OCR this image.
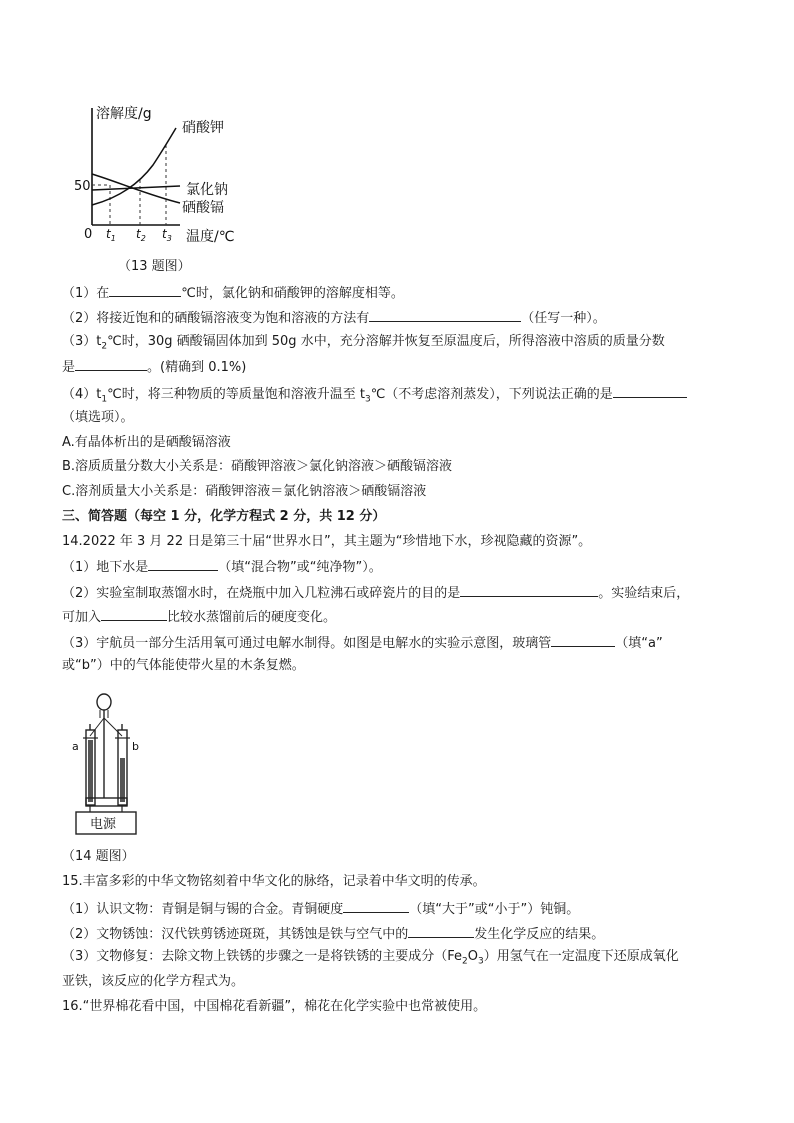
溶解度/g
硝酸钾
氯化钠
硒酸镉
50
0 $t_1$ $t_2$ $t_3$ 温度/℃
（13 题图）
（1）在	℃时，氯化钠和硝酸钾的溶解度相等。
（2）将接近饱和的硒酸镉溶液变为饱和溶液的方法有	（任写一种）。
$(3)t_2℃$时，30g 硒酸镉固体加到 50g 水中，充分溶解并恢复至原温度后，所得溶液中溶质的质量分数
是	。(精确到 0.1%)
$(4)t_1℃$时，将三种物质的等质量饱和溶液升温至 $t_3℃$（不考虑溶剂蒸发），下列说法正确的是
（填选项）。
A.有晶体析出的是硒酸镉溶液
B.溶质质量分数大小关系是：硝酸钾溶液＞氯化钠溶液＞硒酸镉溶液
C.溶剂质量大小关系是：硝酸钾溶液＝氯化钠溶液＞硒酸镉溶液
三、简答题（每空 1 分，化学方程式 2 分，共 12 分）
14.2022 年 3 月 22 日是第三十届“世界水日”，其主题为“珍惜地下水，珍视隐藏的资源”。
（1）地下水是	（填“混合物”或“纯净物”）。
（2）实验室制取蒸馏水时，在烧瓶中加入几粒沸石或碎瓷片的目的是	。实验结束后，
可加入	比较水蒸馏前后的硬度变化。
（3）宇航员一部分生活用氧可通过电解水制得。如图是电解水的实验示意图，玻璃管	（填“a”
或“b”）中的气体能使带火星的木条复燃。
电源
a	b
（14 题图）
15.丰富多彩的中华文物铭刻着中华文化的脉络，记录着中华文明的传承。
（1）认识文物：青铜是铜与锡的合金。青铜硬度	（填“大于”或“小于”）钝铜。
（2）文物锈蚀：汉代铁剪锈迹斑斑，其锈蚀是铁与空气中的	发生化学反应的结果。
（3）文物修复：去除文物上铁锈的步骤之一是将铁锈的主要成分$(Fe_2O_3)$用氢气在一定温度下还原成氧化
亚铁，该反应的化学方程式为。
16.“世界棉花看中国，中国棉花看新疆”，棉花在化学实验中也常被使用。
